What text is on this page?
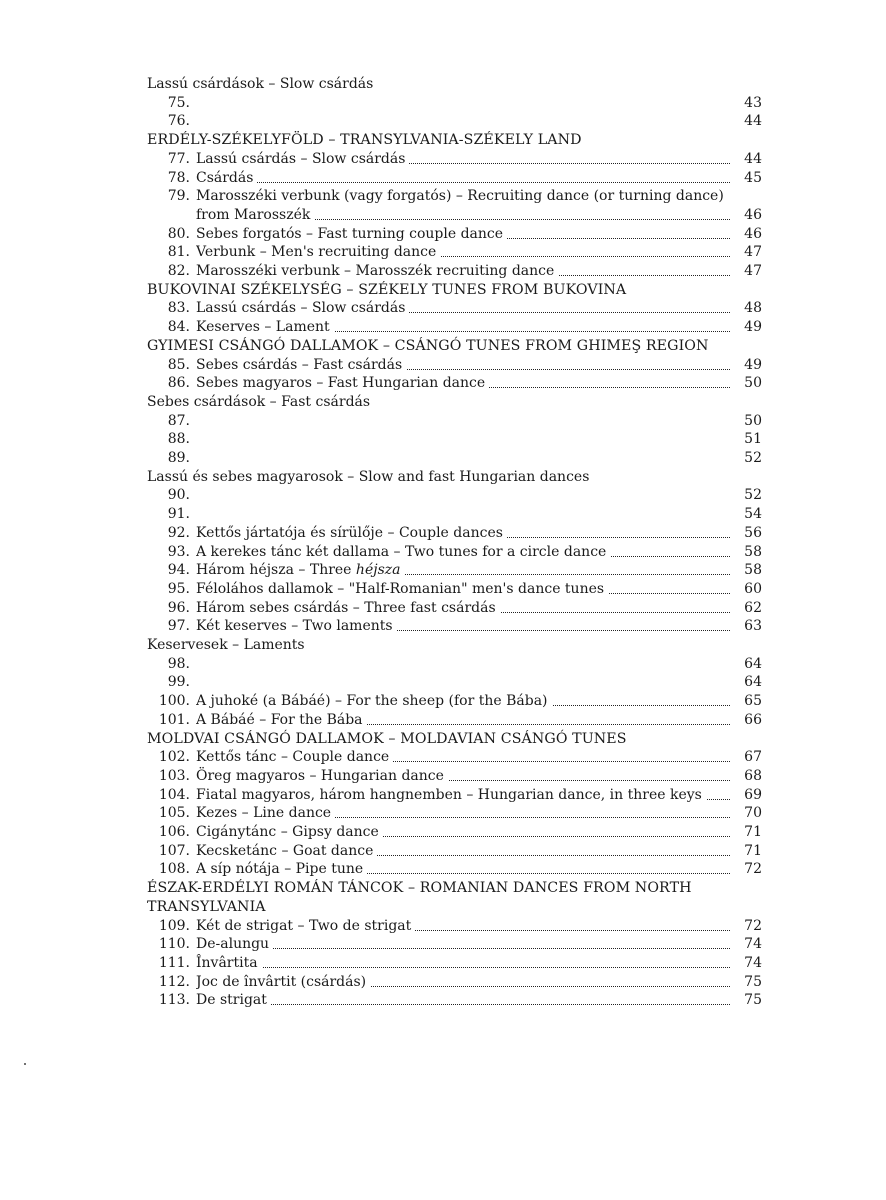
Lassú csárdások – Slow csárdás
75.	43
76.	44
ERDÉLY-SZÉKELYFÖLD – TRANSYLVANIA-SZÉKELY LAND
77. Lassú csárdás – Slow csárdás	44
78. Csárdás	45
79. Marosszéki verbunk (vagy forgatós) – Recruiting dance (or turning dance)
from Marosszék	46
80. Sebes forgatós – Fast turning couple dance	46
81. Verbunk – Men's recruiting dance	47
82. Marosszéki verbunk – Marosszék recruiting dance	47
BUKOVINAI SZÉKELYSÉG – SZÉKELY TUNES FROM BUKOVINA
83. Lassú csárdás – Slow csárdás	48
84. Keserves – Lament	49
GYIMESI CSÁNGÓ DALLAMOK – CSÁNGÓ TUNES FROM GHIMEŞ REGION
85. Sebes csárdás – Fast csárdás	49
86. Sebes magyaros – Fast Hungarian dance	50
Sebes csárdások – Fast csárdás
87.	50
88.	51
89.	52
Lassú és sebes magyarosok – Slow and fast Hungarian dances
90.	52
91.	54
92. Kettős jártatója és sírülője – Couple dances	56
93. A kerekes tánc két dallama – Two tunes for a circle dance	58
94. Három héjsza – Three héjsza	58
95. Féloláhos dallamok – "Half-Romanian" men's dance tunes	60
96. Három sebes csárdás – Three fast csárdás	62
97. Két keserves – Two laments	63
Keservesek – Laments
98.	64
99.	64
100. A juhoké (a Bábáé) – For the sheep (for the Bába)	65
101. A Bábáé – For the Bába	66
MOLDVAI CSÁNGÓ DALLAMOK – MOLDAVIAN CSÁNGÓ TUNES
102. Kettős tánc – Couple dance	67
103. Öreg magyaros – Hungarian dance	68
104. Fiatal magyaros, három hangnemben – Hungarian dance, in three keys	69
105. Kezes – Line dance	70
106. Cigánytánc – Gipsy dance	71
107. Kecsketánc – Goat dance	71
108. A síp nótája – Pipe tune	72
ÉSZAK-ERDÉLYI ROMÁN TÁNCOK – ROMANIAN DANCES FROM NORTH
TRANSYLVANIA
109. Két de strigat – Two de strigat	72
110. De-alungu	74
111. Învârtita	74
112. Joc de învârtit (csárdás)	75
113. De strigat	75
